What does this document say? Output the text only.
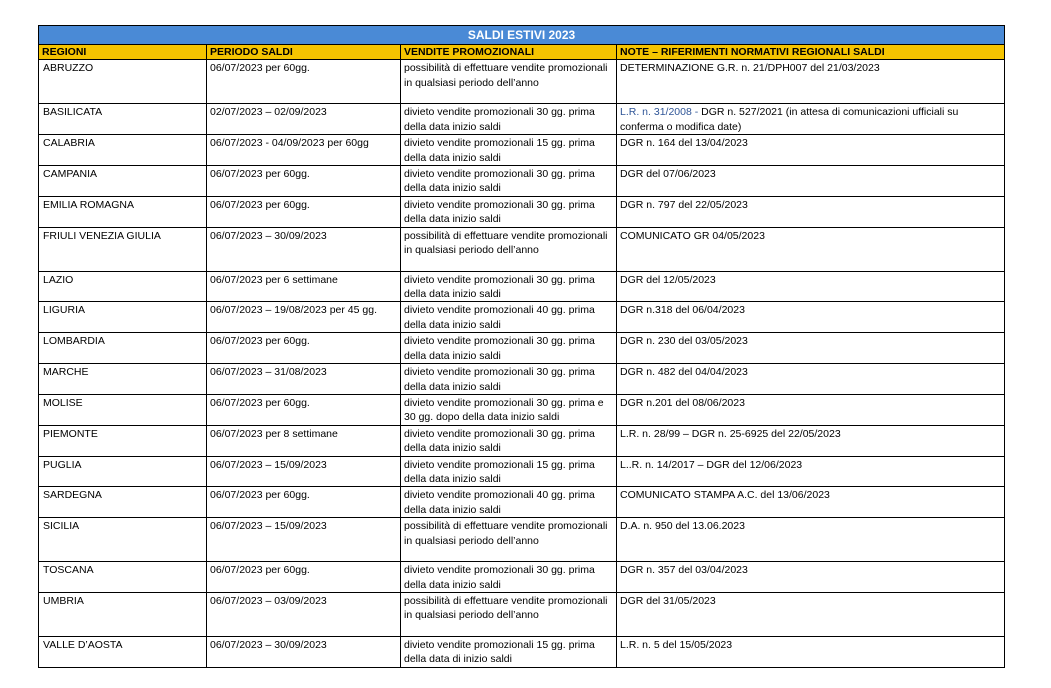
SALDI ESTIVI 2023			
REGIONI	PERIODO SALDI	VENDITE PROMOZIONALI	NOTE – RIFERIMENTI NORMATIVI REGIONALI SALDI
ABRUZZO	06/07/2023 per 60gg.	possibilità di effettuare vendite promozionali in qualsiasi periodo dell’anno	DETERMINAZIONE G.R. n. 21/DPH007 del 21/03/2023
BASILICATA	02/07/2023 – 02/09/2023	divieto vendite promozionali 30 gg. prima della data inizio saldi	L.R. n. 31/2008 - DGR n. 527/2021 (in attesa di comunicazioni ufficiali su conferma o modifica date)
CALABRIA	06/07/2023 - 04/09/2023 per 60gg	divieto vendite promozionali 15 gg. prima della data inizio saldi	DGR n. 164 del 13/04/2023
CAMPANIA	06/07/2023 per 60gg.	divieto vendite promozionali 30 gg. prima della data inizio saldi	DGR del 07/06/2023
EMILIA ROMAGNA	06/07/2023 per 60gg.	divieto vendite promozionali 30 gg. prima della data inizio saldi	DGR n. 797 del 22/05/2023
FRIULI VENEZIA GIULIA	06/07/2023 – 30/09/2023	possibilità di effettuare vendite promozionali in qualsiasi periodo dell’anno	COMUNICATO GR 04/05/2023
LAZIO	06/07/2023 per 6 settimane	divieto vendite promozionali 30 gg. prima della data inizio saldi	DGR del 12/05/2023
LIGURIA	06/07/2023 – 19/08/2023 per 45 gg.	divieto vendite promozionali 40 gg. prima della data inizio saldi	DGR n.318 del 06/04/2023
LOMBARDIA	06/07/2023 per 60gg.	divieto vendite promozionali 30 gg. prima della data inizio saldi	DGR n. 230 del 03/05/2023
MARCHE	06/07/2023 – 31/08/2023	divieto vendite promozionali 30 gg. prima della data inizio saldi	DGR n. 482 del 04/04/2023
MOLISE	06/07/2023 per 60gg.	divieto vendite promozionali 30 gg. prima e 30 gg. dopo della data inizio saldi	DGR n.201 del 08/06/2023
PIEMONTE	06/07/2023 per 8 settimane	divieto vendite promozionali 30 gg. prima della data inizio saldi	L.R. n. 28/99 – DGR n. 25-6925 del 22/05/2023
PUGLIA	06/07/2023 – 15/09/2023	divieto vendite promozionali 15 gg. prima della data inizio saldi	L..R. n. 14/2017 – DGR del 12/06/2023
SARDEGNA	06/07/2023 per 60gg.	divieto vendite promozionali 40 gg. prima della data inizio saldi	COMUNICATO STAMPA A.C. del 13/06/2023
SICILIA	06/07/2023 – 15/09/2023	possibilità di effettuare vendite promozionali in qualsiasi periodo dell’anno	D.A. n. 950 del 13.06.2023
TOSCANA	06/07/2023 per 60gg.	divieto vendite promozionali 30 gg. prima della data inizio saldi	DGR n. 357 del 03/04/2023
UMBRIA	06/07/2023 – 03/09/2023	possibilità di effettuare vendite promozionali in qualsiasi periodo dell’anno	DGR del 31/05/2023
VALLE D’AOSTA	06/07/2023 – 30/09/2023	divieto vendite promozionali 15 gg. prima della data di inizio saldi	L.R. n. 5 del 15/05/2023
